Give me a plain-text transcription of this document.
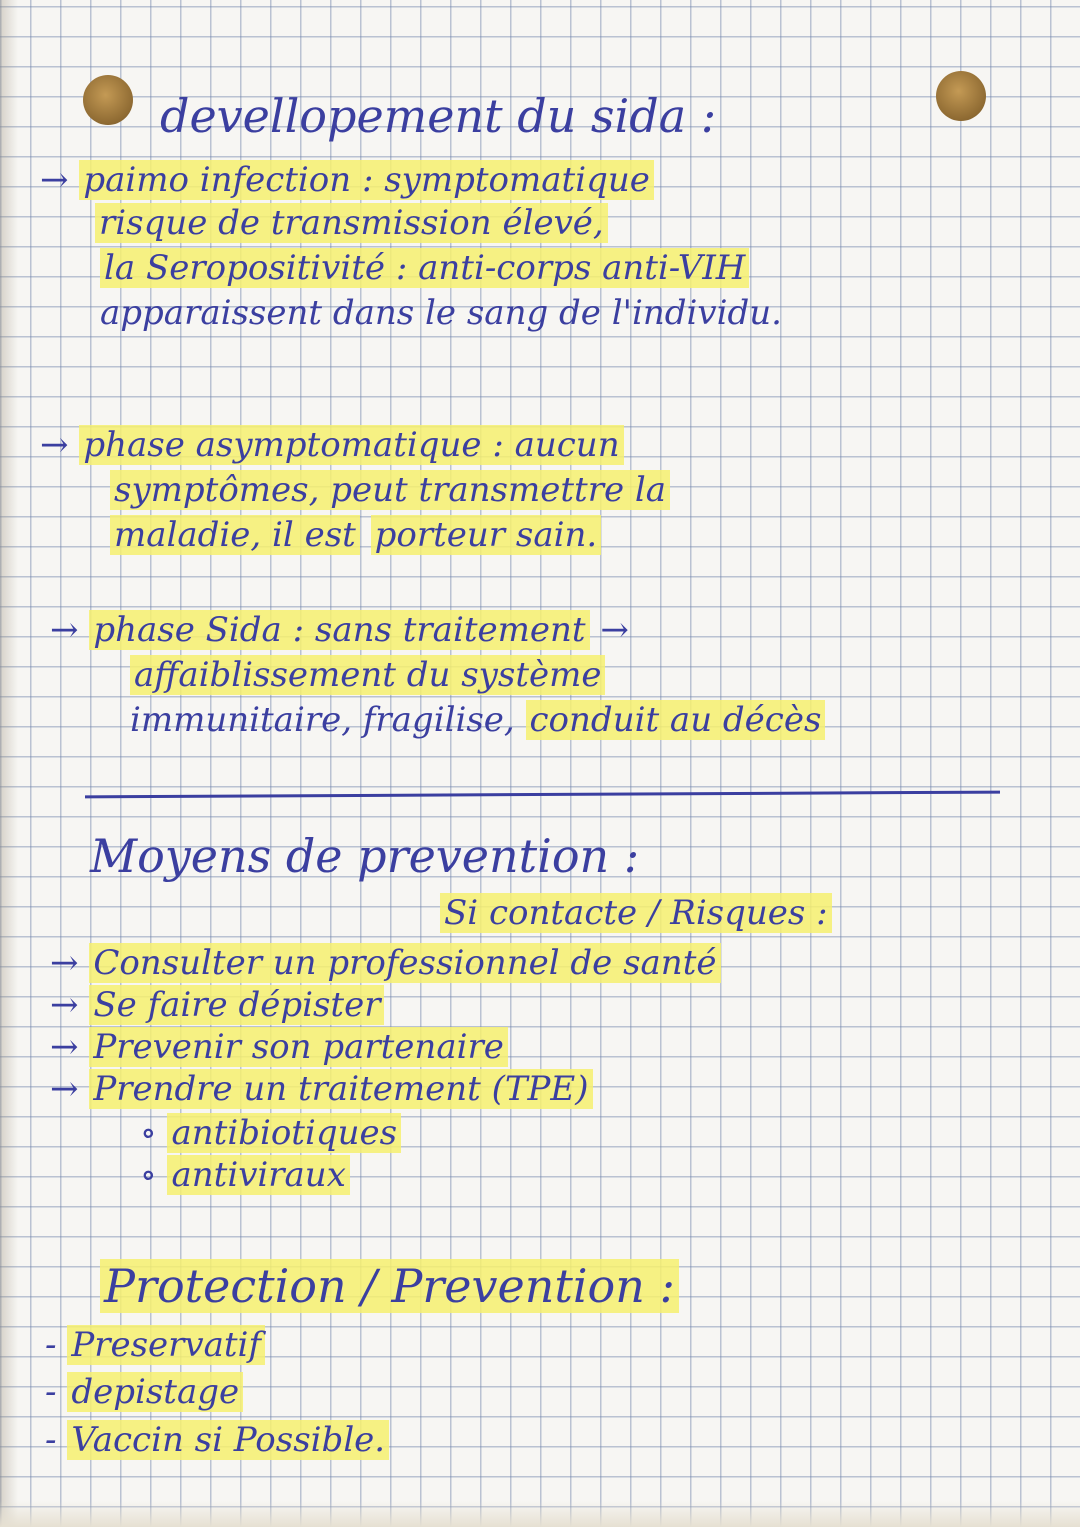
devellopement du sida :
→ paimo infection : symptomatique
risque de transmission élevé,
la Seropositivité : anti-corps anti-VIH
apparaissent dans le sang de l'individu.
→ phase asymptomatique : aucun
symptômes, peut transmettre la
maladie, il est porteur sain.
→ phase Sida : sans traitement →
affaiblissement du système
immunitaire, fragilise, conduit au décès
Moyens de prevention :
Si contacte / Risques :
→ Consulter un professionnel de santé
→ Se faire dépister
→ Prevenir son partenaire
→ Prendre un traitement (TPE)
∘ antibiotiques
∘ antiviraux
Protection / Prevention :
- Preservatif
- depistage
- Vaccin si Possible.
